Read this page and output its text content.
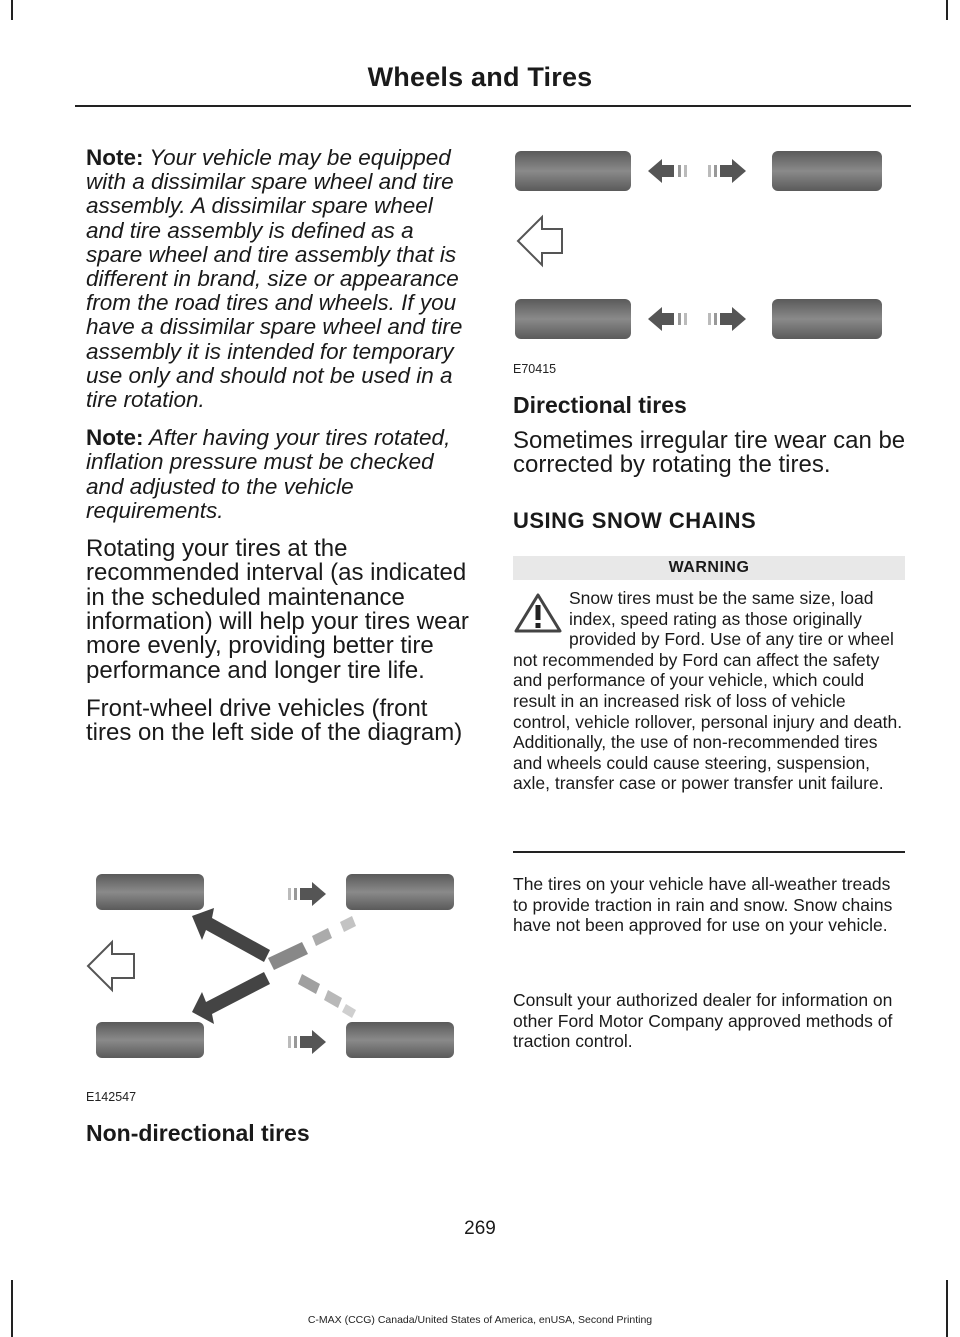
Wheels and Tires

Note: Your vehicle may be equipped with a dissimilar spare wheel and tire assembly. A dissimilar spare wheel and tire assembly is defined as a spare wheel and tire assembly that is different in brand, size or appearance from the road tires and wheels. If you have a dissimilar spare wheel and tire assembly it is intended for temporary use only and should not be used in a tire rotation.

Note: After having your tires rotated, inflation pressure must be checked and adjusted to the vehicle requirements.

Rotating your tires at the recommended interval (as indicated in the scheduled maintenance information) will help your tires wear more evenly, providing better tire performance and longer tire life.

Front-wheel drive vehicles (front tires on the left side of the diagram)

E142547
Non-directional tires
E70415
Directional tires
Sometimes irregular tire wear can be corrected by rotating the tires.
USING SNOW CHAINS
WARNING
Snow tires must be the same size, load index, speed rating as those originally provided by Ford. Use of any tire or wheel not recommended by Ford can affect the safety and performance of your vehicle, which could result in an increased risk of loss of vehicle control, vehicle rollover, personal injury and death. Additionally, the use of non-recommended tires and wheels could cause steering, suspension, axle, transfer case or power transfer unit failure.
The tires on your vehicle have all-weather treads to provide traction in rain and snow. Snow chains have not been approved for use on your vehicle.
Consult your authorized dealer for information on other Ford Motor Company approved methods of traction control.
269
C-MAX (CCG) Canada/United States of America, enUSA, Second Printing
